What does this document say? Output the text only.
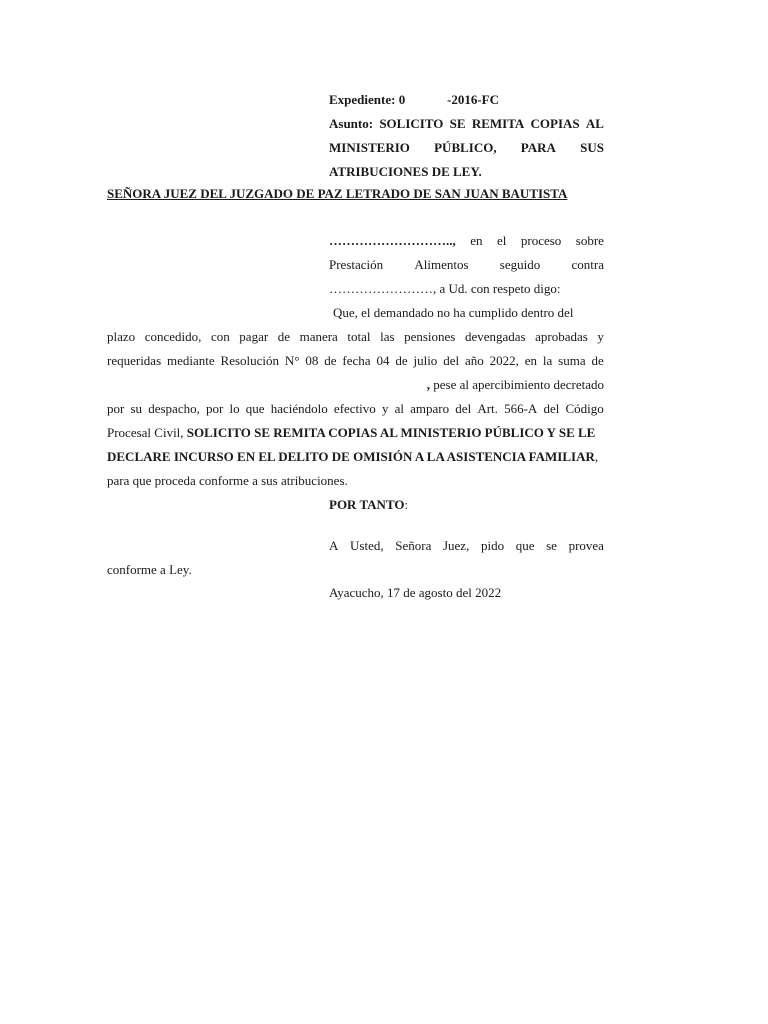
Expediente: 0	-2016-FC
Asunto: SOLICITO SE REMITA COPIAS AL
MINISTERIO PÚBLICO, PARA SUS
ATRIBUCIONES DE LEY.
SEÑORA JUEZ DEL JUZGADO DE PAZ LETRADO DE SAN JUAN BAUTISTA
……………………….., en el proceso sobre
Prestación Alimentos seguido contra
……………………, a Ud. con respeto digo:
Que, el demandado no ha cumplido dentro del
plazo concedido, con pagar de manera total las pensiones devengadas aprobadas y
requeridas mediante Resolución N° 08 de fecha 04 de julio del año 2022, en la suma de
, pese al apercibimiento decretado
por su despacho, por lo que haciéndolo efectivo y al amparo del Art. 566-A del Código
Procesal Civil, SOLICITO SE REMITA COPIAS AL MINISTERIO PÚBLICO Y SE LE
DECLARE INCURSO EN EL DELITO DE OMISIÓN A LA ASISTENCIA FAMILIAR,
para que proceda conforme a sus atribuciones.
POR TANTO:
A Usted, Señora Juez, pido que se provea
conforme a Ley.
Ayacucho, 17 de agosto del 2022
